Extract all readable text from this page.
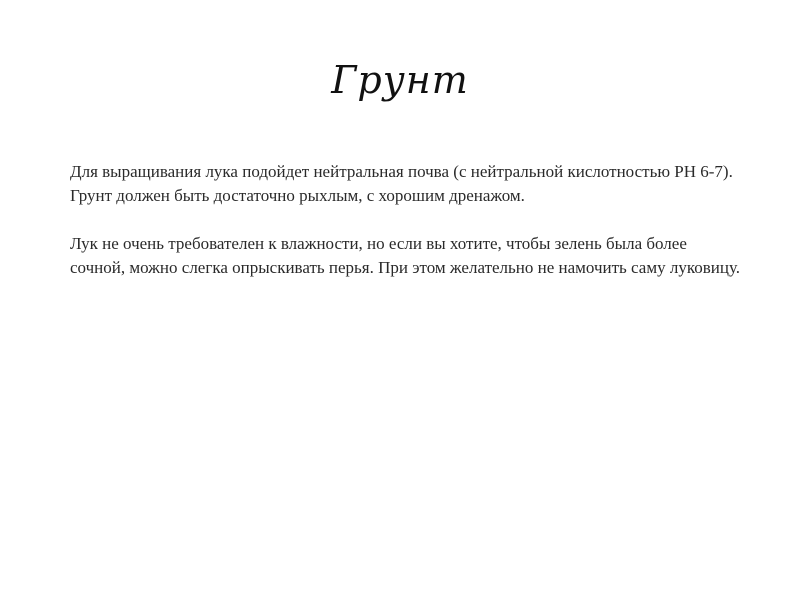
Грунт

Для выращивания лука подойдет нейтральная почва (с нейтральной кислотностью PH 6-7). Грунт должен быть достаточно рыхлым, с хорошим дренажом.

Лук не очень требователен к влажности, но если вы хотите, чтобы зелень была более сочной, можно слегка опрыскивать перья. При этом желательно не намочить саму луковицу.
